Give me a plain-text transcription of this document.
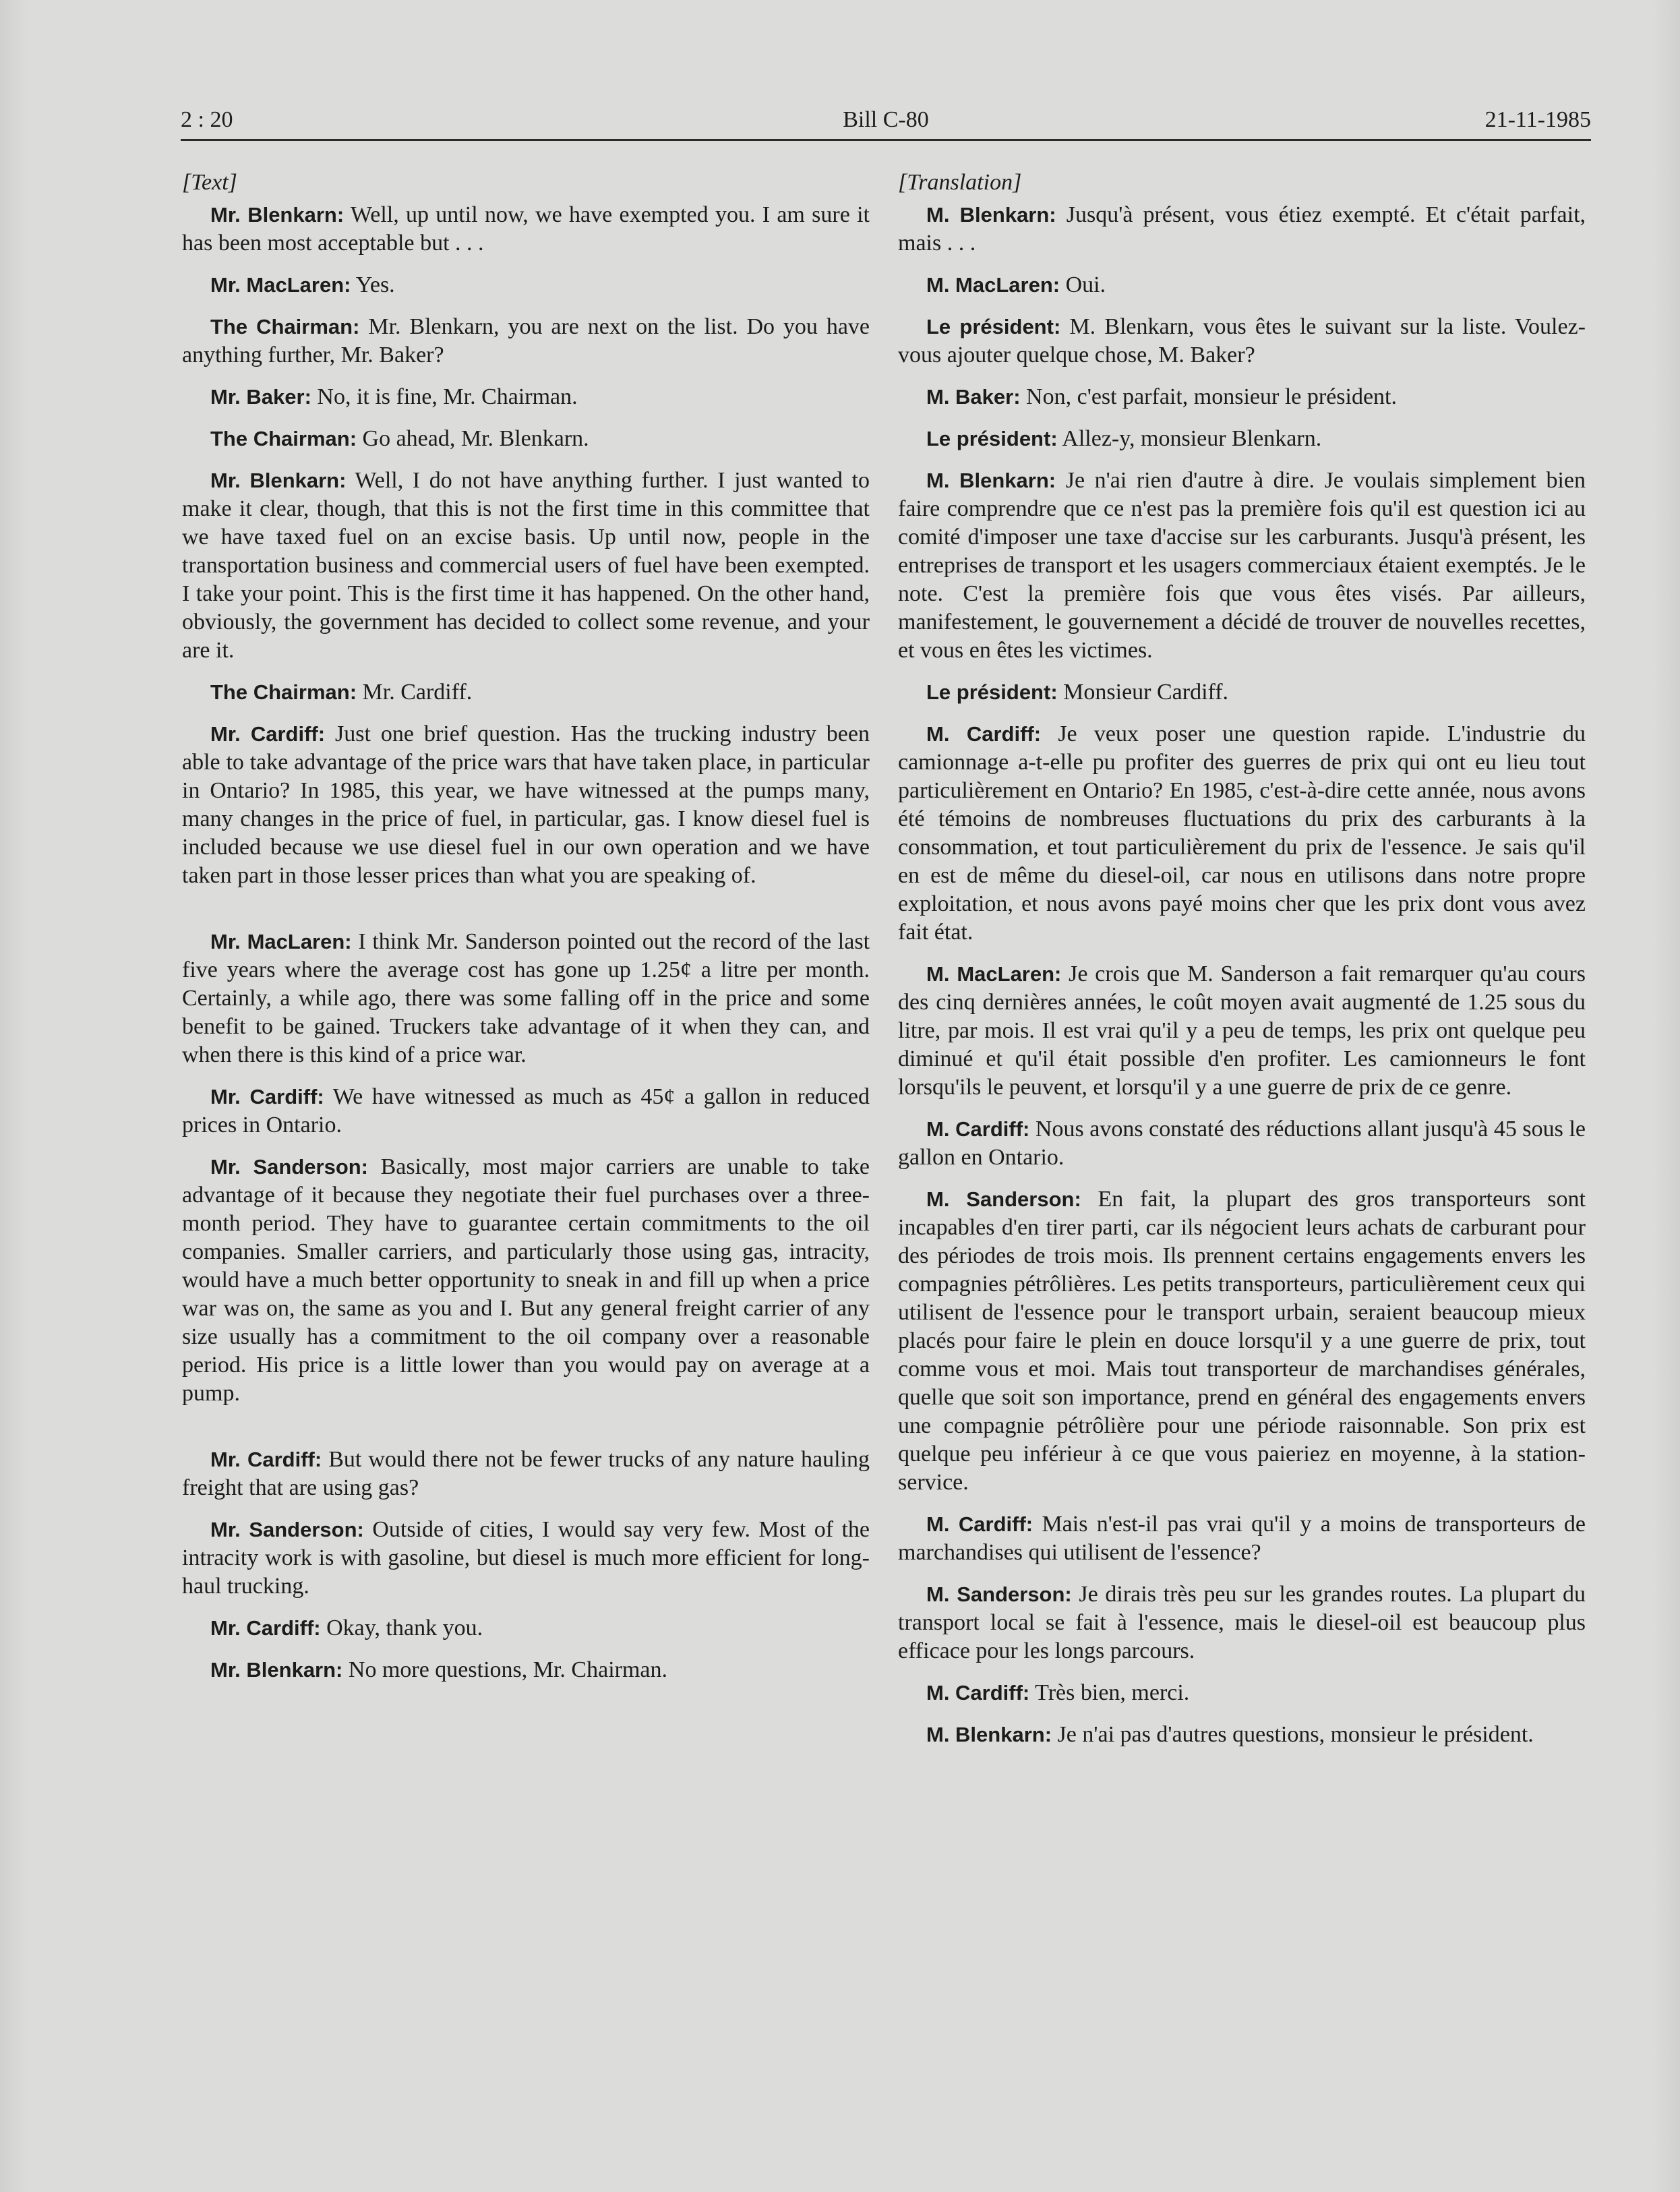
2 : 20	Bill C-80	21-11-1985
[Text]

Mr. Blenkarn: Well, up until now, we have exempted you. I am sure it has been most acceptable but . . .

Mr. MacLaren: Yes.

The Chairman: Mr. Blenkarn, you are next on the list. Do you have anything further, Mr. Baker?

Mr. Baker: No, it is fine, Mr. Chairman.

The Chairman: Go ahead, Mr. Blenkarn.

Mr. Blenkarn: Well, I do not have anything further. I just wanted to make it clear, though, that this is not the first time in this committee that we have taxed fuel on an excise basis. Up until now, people in the transportation business and commercial users of fuel have been exempted. I take your point. This is the first time it has happened. On the other hand, obviously, the government has decided to collect some revenue, and your are it.

The Chairman: Mr. Cardiff.

Mr. Cardiff: Just one brief question. Has the trucking industry been able to take advantage of the price wars that have taken place, in particular in Ontario? In 1985, this year, we have witnessed at the pumps many, many changes in the price of fuel, in particular, gas. I know diesel fuel is included because we use diesel fuel in our own operation and we have taken part in those lesser prices than what you are speaking of.

Mr. MacLaren: I think Mr. Sanderson pointed out the record of the last five years where the average cost has gone up 1.25¢ a litre per month. Certainly, a while ago, there was some falling off in the price and some benefit to be gained. Truckers take advantage of it when they can, and when there is this kind of a price war.

Mr. Cardiff: We have witnessed as much as 45¢ a gallon in reduced prices in Ontario.

Mr. Sanderson: Basically, most major carriers are unable to take advantage of it because they negotiate their fuel purchases over a three-month period. They have to guarantee certain commitments to the oil companies. Smaller carriers, and particularly those using gas, intracity, would have a much better opportunity to sneak in and fill up when a price war was on, the same as you and I. But any general freight carrier of any size usually has a commitment to the oil company over a reasonable period. His price is a little lower than you would pay on average at a pump.

Mr. Cardiff: But would there not be fewer trucks of any nature hauling freight that are using gas?

Mr. Sanderson: Outside of cities, I would say very few. Most of the intracity work is with gasoline, but diesel is much more efficient for long-haul trucking.

Mr. Cardiff: Okay, thank you.

Mr. Blenkarn: No more questions, Mr. Chairman.

[Translation]

M. Blenkarn: Jusqu'à présent, vous étiez exempté. Et c'était parfait, mais . . .

M. MacLaren: Oui.

Le président: M. Blenkarn, vous êtes le suivant sur la liste. Voulez-vous ajouter quelque chose, M. Baker?

M. Baker: Non, c'est parfait, monsieur le président.

Le président: Allez-y, monsieur Blenkarn.

M. Blenkarn: Je n'ai rien d'autre à dire. Je voulais simplement bien faire comprendre que ce n'est pas la première fois qu'il est question ici au comité d'imposer une taxe d'accise sur les carburants. Jusqu'à présent, les entreprises de transport et les usagers commerciaux étaient exemptés. Je le note. C'est la première fois que vous êtes visés. Par ailleurs, manifestement, le gouvernement a décidé de trouver de nouvelles recettes, et vous en êtes les victimes.

Le président: Monsieur Cardiff.

M. Cardiff: Je veux poser une question rapide. L'industrie du camionnage a-t-elle pu profiter des guerres de prix qui ont eu lieu tout particulièrement en Ontario? En 1985, c'est-à-dire cette année, nous avons été témoins de nombreuses fluctuations du prix des carburants à la consommation, et tout particulièrement du prix de l'essence. Je sais qu'il en est de même du diesel-oil, car nous en utilisons dans notre propre exploitation, et nous avons payé moins cher que les prix dont vous avez fait état.

M. MacLaren: Je crois que M. Sanderson a fait remarquer qu'au cours des cinq dernières années, le coût moyen avait augmenté de 1.25 sous du litre, par mois. Il est vrai qu'il y a peu de temps, les prix ont quelque peu diminué et qu'il était possible d'en profiter. Les camionneurs le font lorsqu'ils le peuvent, et lorsqu'il y a une guerre de prix de ce genre.

M. Cardiff: Nous avons constaté des réductions allant jusqu'à 45 sous le gallon en Ontario.

M. Sanderson: En fait, la plupart des gros transporteurs sont incapables d'en tirer parti, car ils négocient leurs achats de carburant pour des périodes de trois mois. Ils prennent certains engagements envers les compagnies pétrôlières. Les petits transporteurs, particulièrement ceux qui utilisent de l'essence pour le transport urbain, seraient beaucoup mieux placés pour faire le plein en douce lorsqu'il y a une guerre de prix, tout comme vous et moi. Mais tout transporteur de marchandises générales, quelle que soit son importance, prend en général des engagements envers une compagnie pétrôlière pour une période raisonnable. Son prix est quelque peu inférieur à ce que vous paieriez en moyenne, à la station-service.

M. Cardiff: Mais n'est-il pas vrai qu'il y a moins de transporteurs de marchandises qui utilisent de l'essence?

M. Sanderson: Je dirais très peu sur les grandes routes. La plupart du transport local se fait à l'essence, mais le diesel-oil est beaucoup plus efficace pour les longs parcours.

M. Cardiff: Très bien, merci.

M. Blenkarn: Je n'ai pas d'autres questions, monsieur le président.
